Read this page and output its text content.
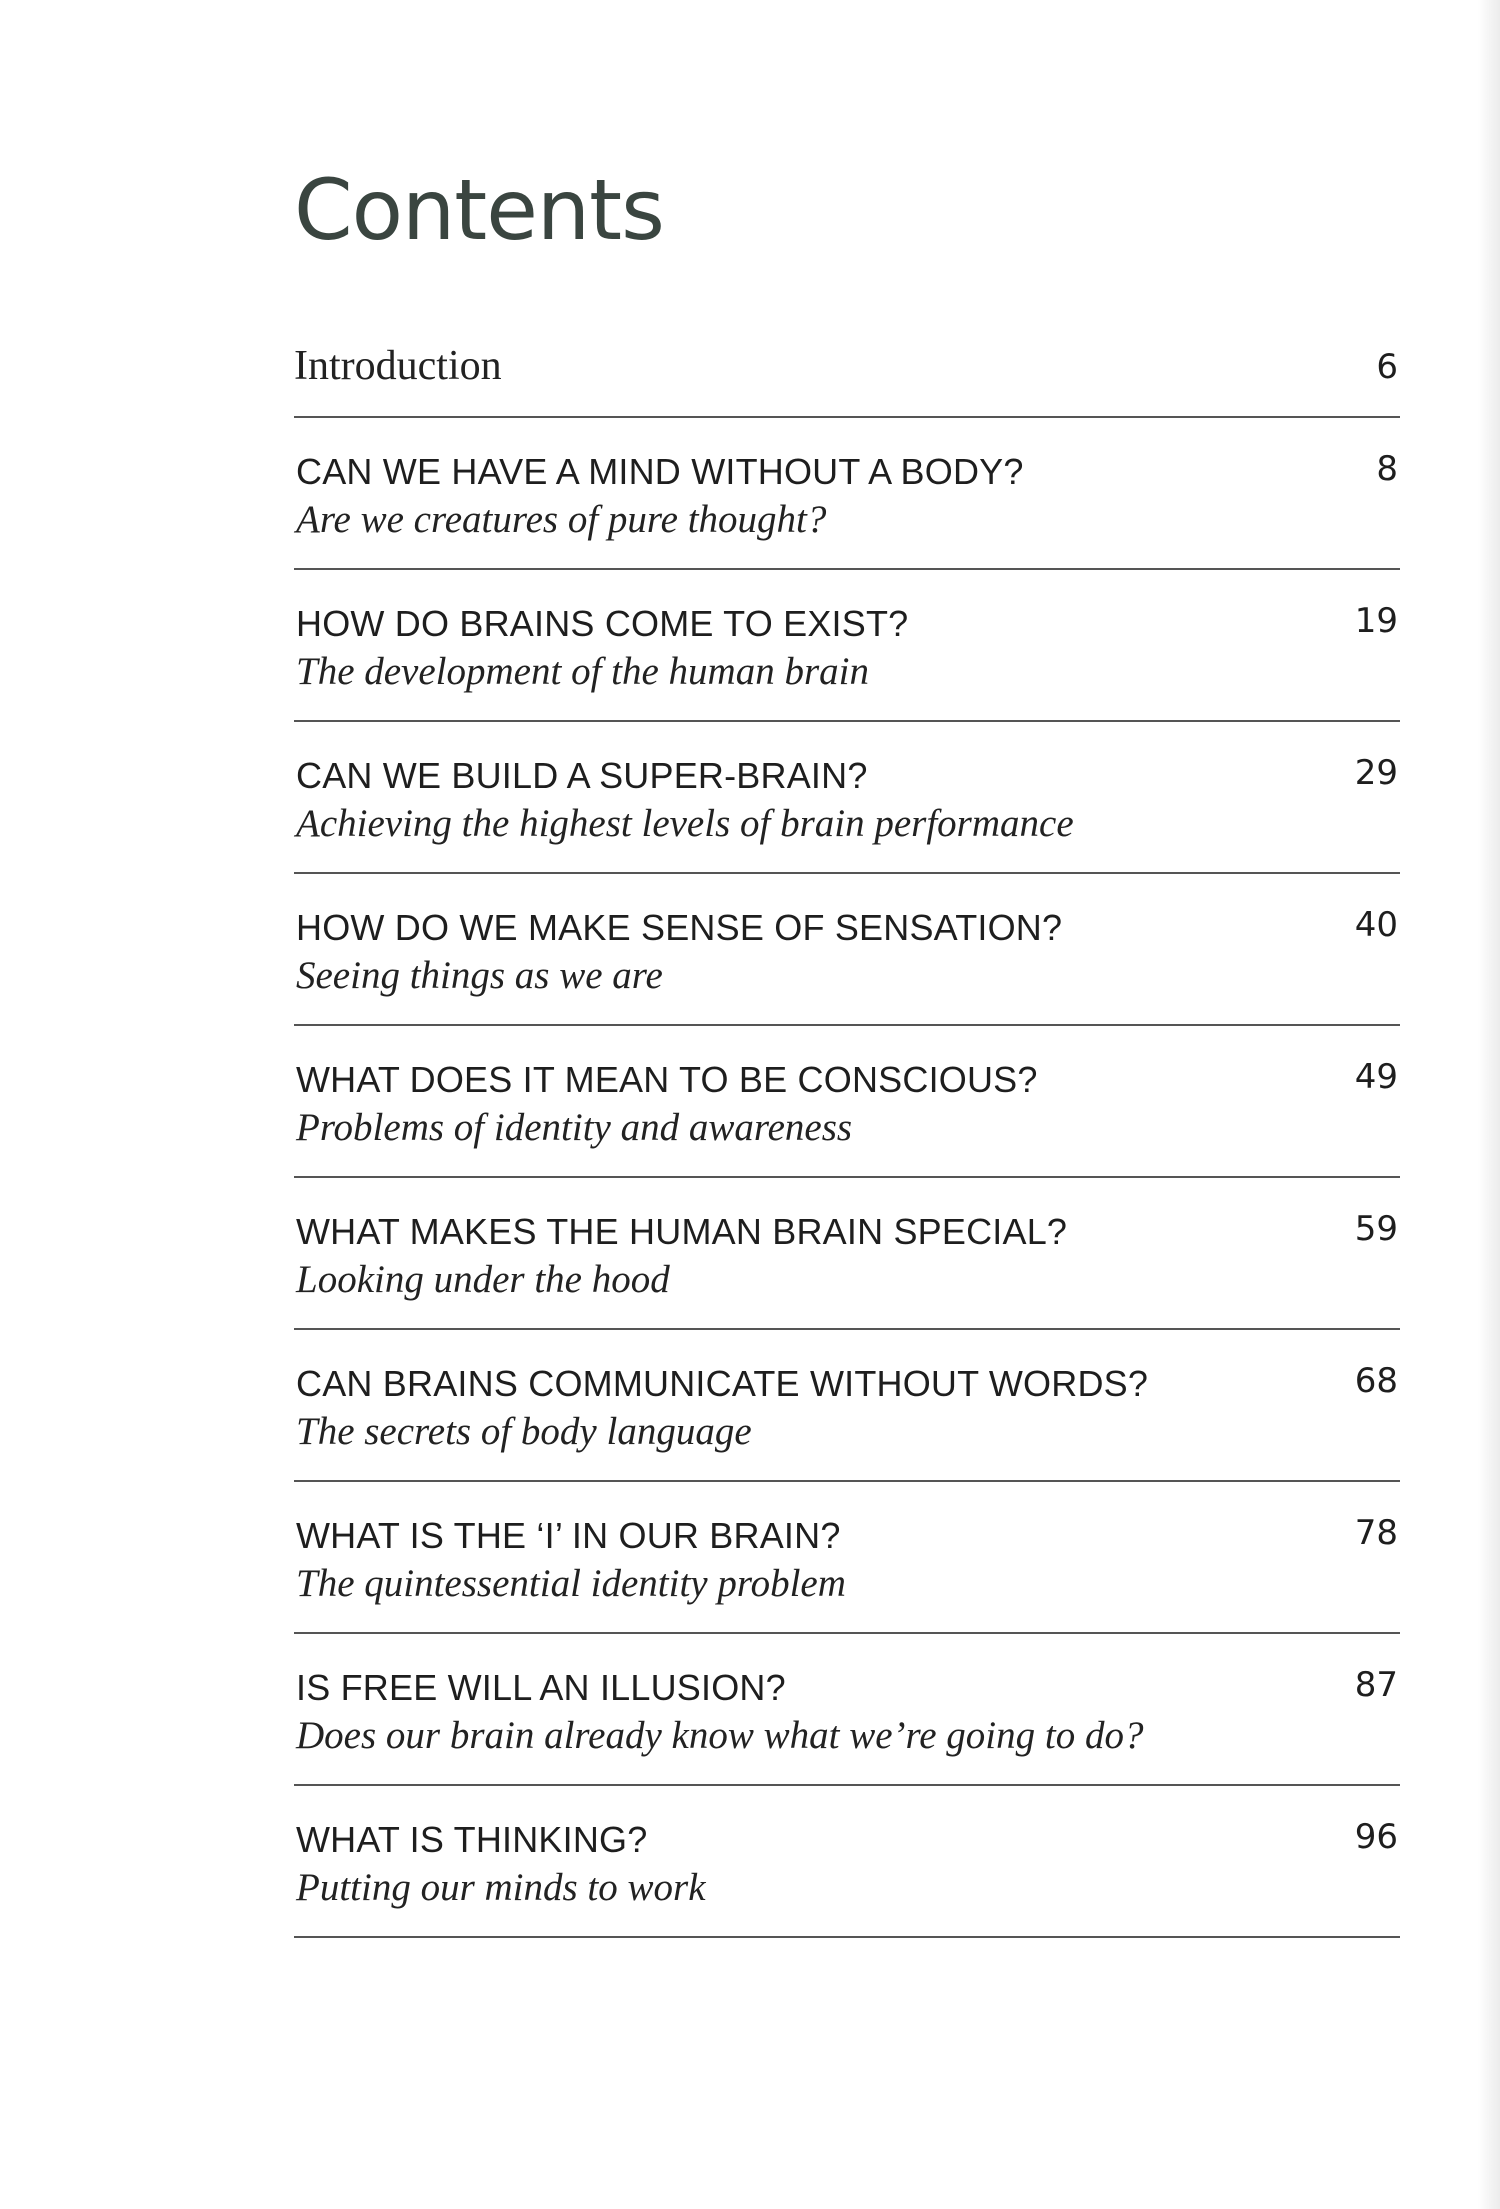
Contents
Introduction	6
CAN WE HAVE A MIND WITHOUT A BODY?
Are we creatures of pure thought?
8
HOW DO BRAINS COME TO EXIST?
The development of the human brain
19
CAN WE BUILD A SUPER-BRAIN?
Achieving the highest levels of brain performance
29
HOW DO WE MAKE SENSE OF SENSATION?
Seeing things as we are
40
WHAT DOES IT MEAN TO BE CONSCIOUS?
Problems of identity and awareness
49
WHAT MAKES THE HUMAN BRAIN SPECIAL?
Looking under the hood
59
CAN BRAINS COMMUNICATE WITHOUT WORDS?
The secrets of body language
68
WHAT IS THE ‘I’ IN OUR BRAIN?
The quintessential identity problem
78
IS FREE WILL AN ILLUSION?
Does our brain already know what we’re going to do?
87
WHAT IS THINKING?
Putting our minds to work
96
